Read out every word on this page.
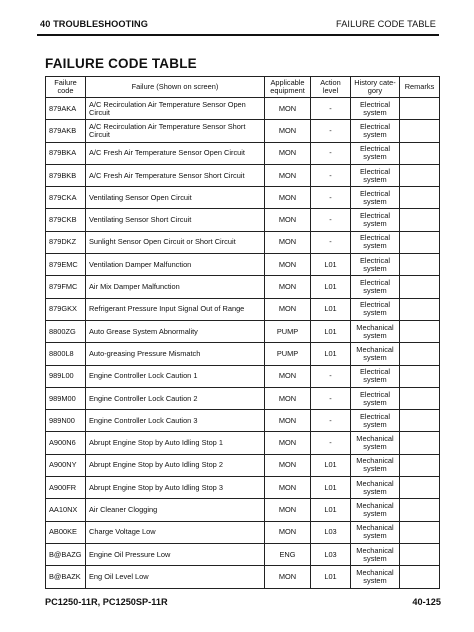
40 TROUBLESHOOTING	FAILURE CODE TABLE
FAILURE CODE TABLE
Failure code	Failure (Shown on screen)	Applicable equipment	Action level	History cate-gory	Remarks
879AKA	A/C Recirculation Air Temperature Sensor Open Circuit	MON	-	Electrical system	
879AKB	A/C Recirculation Air Temperature Sensor Short Circuit	MON	-	Electrical system	
879BKA	A/C Fresh Air Temperature Sensor Open Circuit	MON	-	Electrical system	
879BKB	A/C Fresh Air Temperature Sensor Short Circuit	MON	-	Electrical system	
879CKA	Ventilating Sensor Open Circuit	MON	-	Electrical system	
879CKB	Ventilating Sensor Short Circuit	MON	-	Electrical system	
879DKZ	Sunlight Sensor Open Circuit or Short Circuit	MON	-	Electrical system	
879EMC	Ventilation Damper Malfunction	MON	L01	Electrical system	
879FMC	Air Mix Damper Malfunction	MON	L01	Electrical system	
879GKX	Refrigerant Pressure Input Signal Out of Range	MON	L01	Electrical system	
8800ZG	Auto Grease System Abnormality	PUMP	L01	Mechanical system	
8800L8	Auto-greasing Pressure Mismatch	PUMP	L01	Mechanical system	
989L00	Engine Controller Lock Caution 1	MON	-	Electrical system	
989M00	Engine Controller Lock Caution 2	MON	-	Electrical system	
989N00	Engine Controller Lock Caution 3	MON	-	Electrical system	
A900N6	Abrupt Engine Stop by Auto Idling Stop 1	MON	-	Mechanical system	
A900NY	Abrupt Engine Stop by Auto Idling Stop 2	MON	L01	Mechanical system	
A900FR	Abrupt Engine Stop by Auto Idling Stop 3	MON	L01	Mechanical system	
AA10NX	Air Cleaner Clogging	MON	L01	Mechanical system	
AB00KE	Charge Voltage Low	MON	L03	Mechanical system	
B@BAZG	Engine Oil Pressure Low	ENG	L03	Mechanical system	
B@BAZK	Eng Oil Level Low	MON	L01	Mechanical system	
PC1250-11R, PC1250SP-11R	40-125
